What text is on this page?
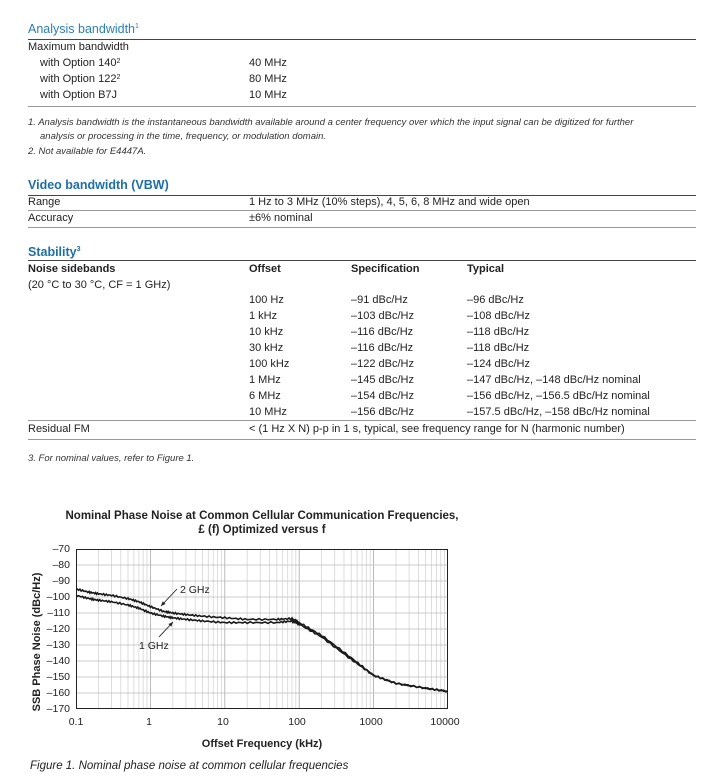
Analysis bandwidth$^1$
Maximum bandwidth
with Option $140^2$	40 MHz
with Option $122^2$	80 MHz
with Option B7J	10 MHz
1. Analysis bandwidth is the instantaneous bandwidth available around a center frequency over which the input signal can be digitized for further
analysis or processing in the time, frequency, or modulation domain.
2. Not available for E4447A.
Video bandwidth (VBW)
Range	1 Hz to 3 MHz (10% steps), 4, 5, 6, 8 MHz and wide open
Accuracy	±6% nominal
Stability$^3$
Noise sidebands
(20 °C to 30 °C, CF = 1 GHz)
Offset	Specification	Typical
100 Hz	–91 dBc/Hz	–96 dBc/Hz
1 kHz	–103 dBc/Hz	–108 dBc/Hz
10 kHz	–116 dBc/Hz	–118 dBc/Hz
30 kHz	–116 dBc/Hz	–118 dBc/Hz
100 kHz	–122 dBc/Hz	–124 dBc/Hz
1 MHz	–145 dBc/Hz	–147 dBc/Hz, –148 dBc/Hz nominal
6 MHz	–154 dBc/Hz	–156 dBc/Hz, –156.5 dBc/Hz nominal
10 MHz	–156 dBc/Hz	–157.5 dBc/Hz, –158 dBc/Hz nominal
Residual FM	< (1 Hz X N) p-p in 1 s, typical, see frequency range for N (harmonic number)
3. For nominal values, refer to Figure 1.
Nominal Phase Noise at Common Cellular Communication Frequencies,
£ (f) Optimized versus f
SSB Phase Noise (dBc/Hz)
–70
–80
–90
–100
–110
–120
–130
–140
–150
–160
–170
0.1	1	10	100	1000	10000
Offset Frequency (kHz)
2 GHz
1 GHz
Figure 1. Nominal phase noise at common cellular frequencies
